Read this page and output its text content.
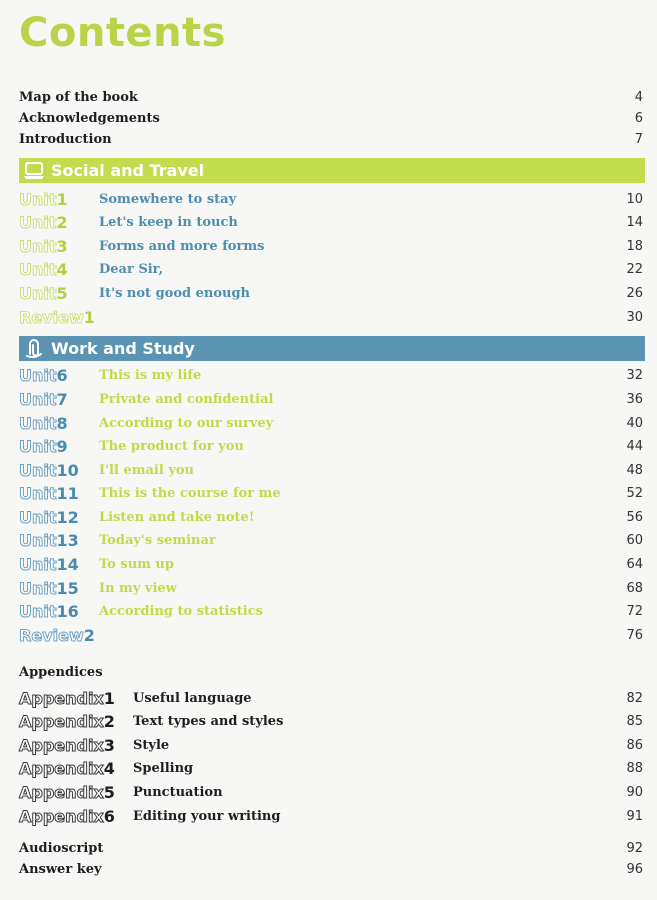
Contents
Map of the book	4
Acknowledgements	6
Introduction	7
Social and Travel
Unit 1 Somewhere to stay	10
Unit 2 Let's keep in touch	14
Unit 3 Forms and more forms	18
Unit 4 Dear Sir,	22
Unit 5 It's not good enough	26
Review 1	30
Work and Study
Unit 6 This is my life	32
Unit 7 Private and confidential	36
Unit 8 According to our survey	40
Unit 9 The product for you	44
Unit 10 I'll email you	48
Unit 11 This is the course for me	52
Unit 12 Listen and take note!	56
Unit 13 Today's seminar	60
Unit 14 To sum up	64
Unit 15 In my view	68
Unit 16 According to statistics	72
Review 2	76
Appendices
Appendix 1 Useful language	82
Appendix 2 Text types and styles	85
Appendix 3 Style	86
Appendix 4 Spelling	88
Appendix 5 Punctuation	90
Appendix 6 Editing your writing	91
Audioscript	92
Answer key	96
